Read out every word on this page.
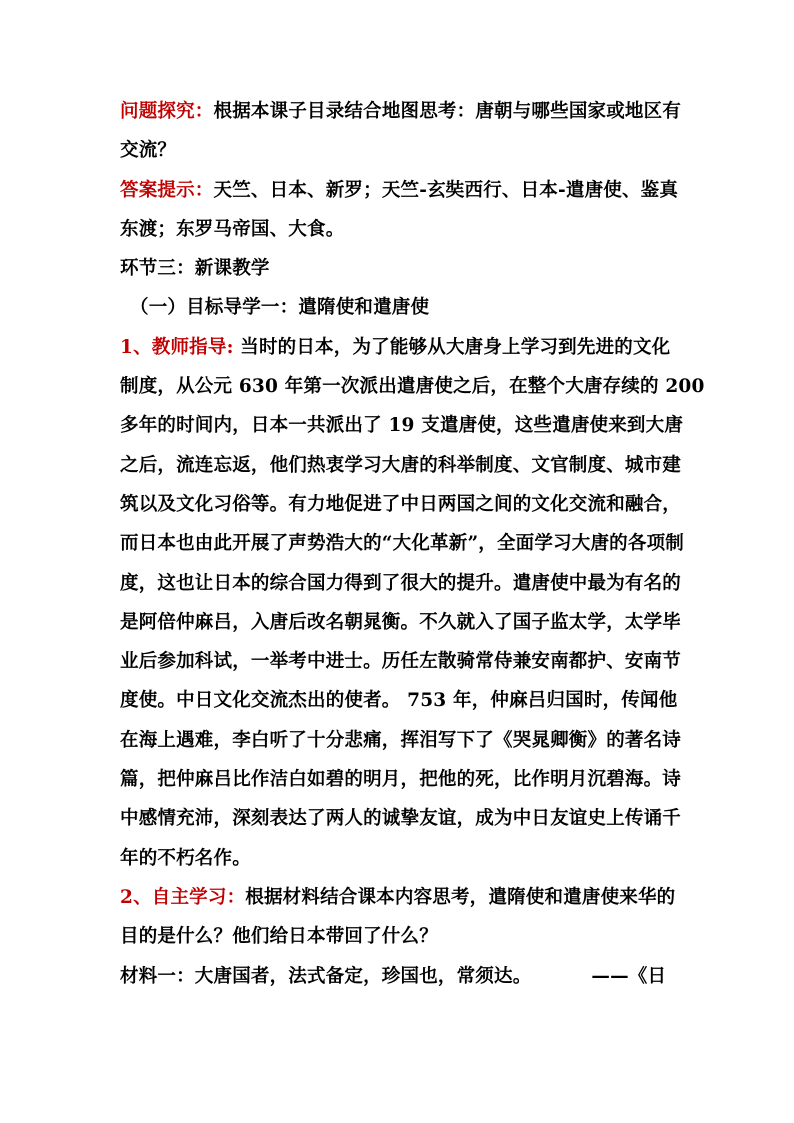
问题探究：根据本课子目录结合地图思考：唐朝与哪些国家或地区有
交流？
答案提示：天竺、日本、新罗；天竺-玄奘西行、日本-遣唐使、鉴真
东渡；东罗马帝国、大食。
环节三：新课教学
（一）目标导学一：遣隋使和遣唐使
1、教师指导: 当时的日本，为了能够从大唐身上学习到先进的文化
制度，从公元 630 年第一次派出遣唐使之后，在整个大唐存续的 200
多年的时间内，日本一共派出了 19 支遣唐使，这些遣唐使来到大唐
之后，流连忘返，他们热衷学习大唐的科举制度、文官制度、城市建
筑以及文化习俗等。有力地促进了中日两国之间的文化交流和融合，
而日本也由此开展了声势浩大的“大化革新”，全面学习大唐的各项制
度，这也让日本的综合国力得到了很大的提升。遣唐使中最为有名的
是阿倍仲麻吕，入唐后改名朝晁衡。不久就入了国子监太学，太学毕
业后参加科试，一举考中进士。历任左散骑常侍兼安南都护、安南节
度使。中日文化交流杰出的使者。 753 年，仲麻吕归国时，传闻他
在海上遇难，李白听了十分悲痛，挥泪写下了《哭晁卿衡》的著名诗
篇，把仲麻吕比作洁白如碧的明月，把他的死，比作明月沉碧海。诗
中感情充沛，深刻表达了两人的诚挚友谊，成为中日友谊史上传诵千
年的不朽名作。
2、自主学习：根据材料结合课本内容思考，遣隋使和遣唐使来华的
目的是什么？他们给日本带回了什么？
材料一：大唐国者，法式备定，珍国也，常须达。	——《日
